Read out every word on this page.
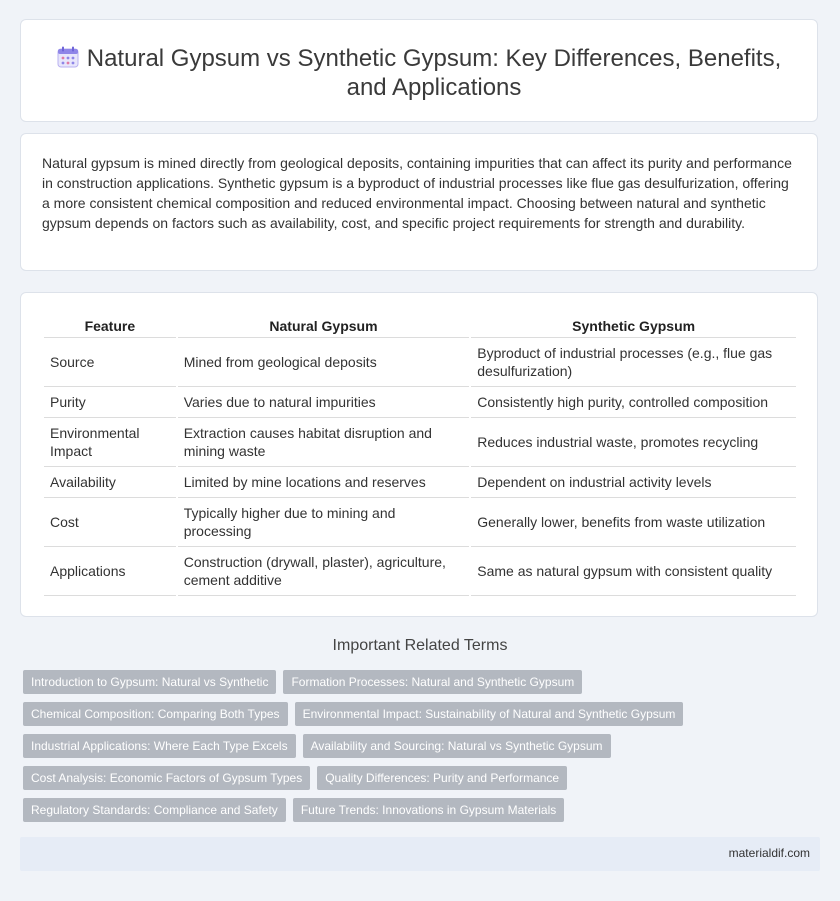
Natural Gypsum vs Synthetic Gypsum: Key Differences, Benefits, and Applications

Natural gypsum is mined directly from geological deposits, containing impurities that can affect its purity and performance in construction applications. Synthetic gypsum is a byproduct of industrial processes like flue gas desulfurization, offering a more consistent chemical composition and reduced environmental impact. Choosing between natural and synthetic gypsum depends on factors such as availability, cost, and specific project requirements for strength and durability.

Feature	Natural Gypsum	Synthetic Gypsum
Source	Mined from geological deposits	Byproduct of industrial processes (e.g., flue gas desulfurization)
Purity	Varies due to natural impurities	Consistently high purity, controlled composition
Environmental Impact	Extraction causes habitat disruption and mining waste	Reduces industrial waste, promotes recycling
Availability	Limited by mine locations and reserves	Dependent on industrial activity levels
Cost	Typically higher due to mining and processing	Generally lower, benefits from waste utilization
Applications	Construction (drywall, plaster), agriculture, cement additive	Same as natural gypsum with consistent quality
Important Related Terms
Introduction to Gypsum: Natural vs Synthetic	Formation Processes: Natural and Synthetic Gypsum
Chemical Composition: Comparing Both Types	Environmental Impact: Sustainability of Natural and Synthetic Gypsum
Industrial Applications: Where Each Type Excels	Availability and Sourcing: Natural vs Synthetic Gypsum
Cost Analysis: Economic Factors of Gypsum Types	Quality Differences: Purity and Performance
Regulatory Standards: Compliance and Safety	Future Trends: Innovations in Gypsum Materials
materialdif.com
